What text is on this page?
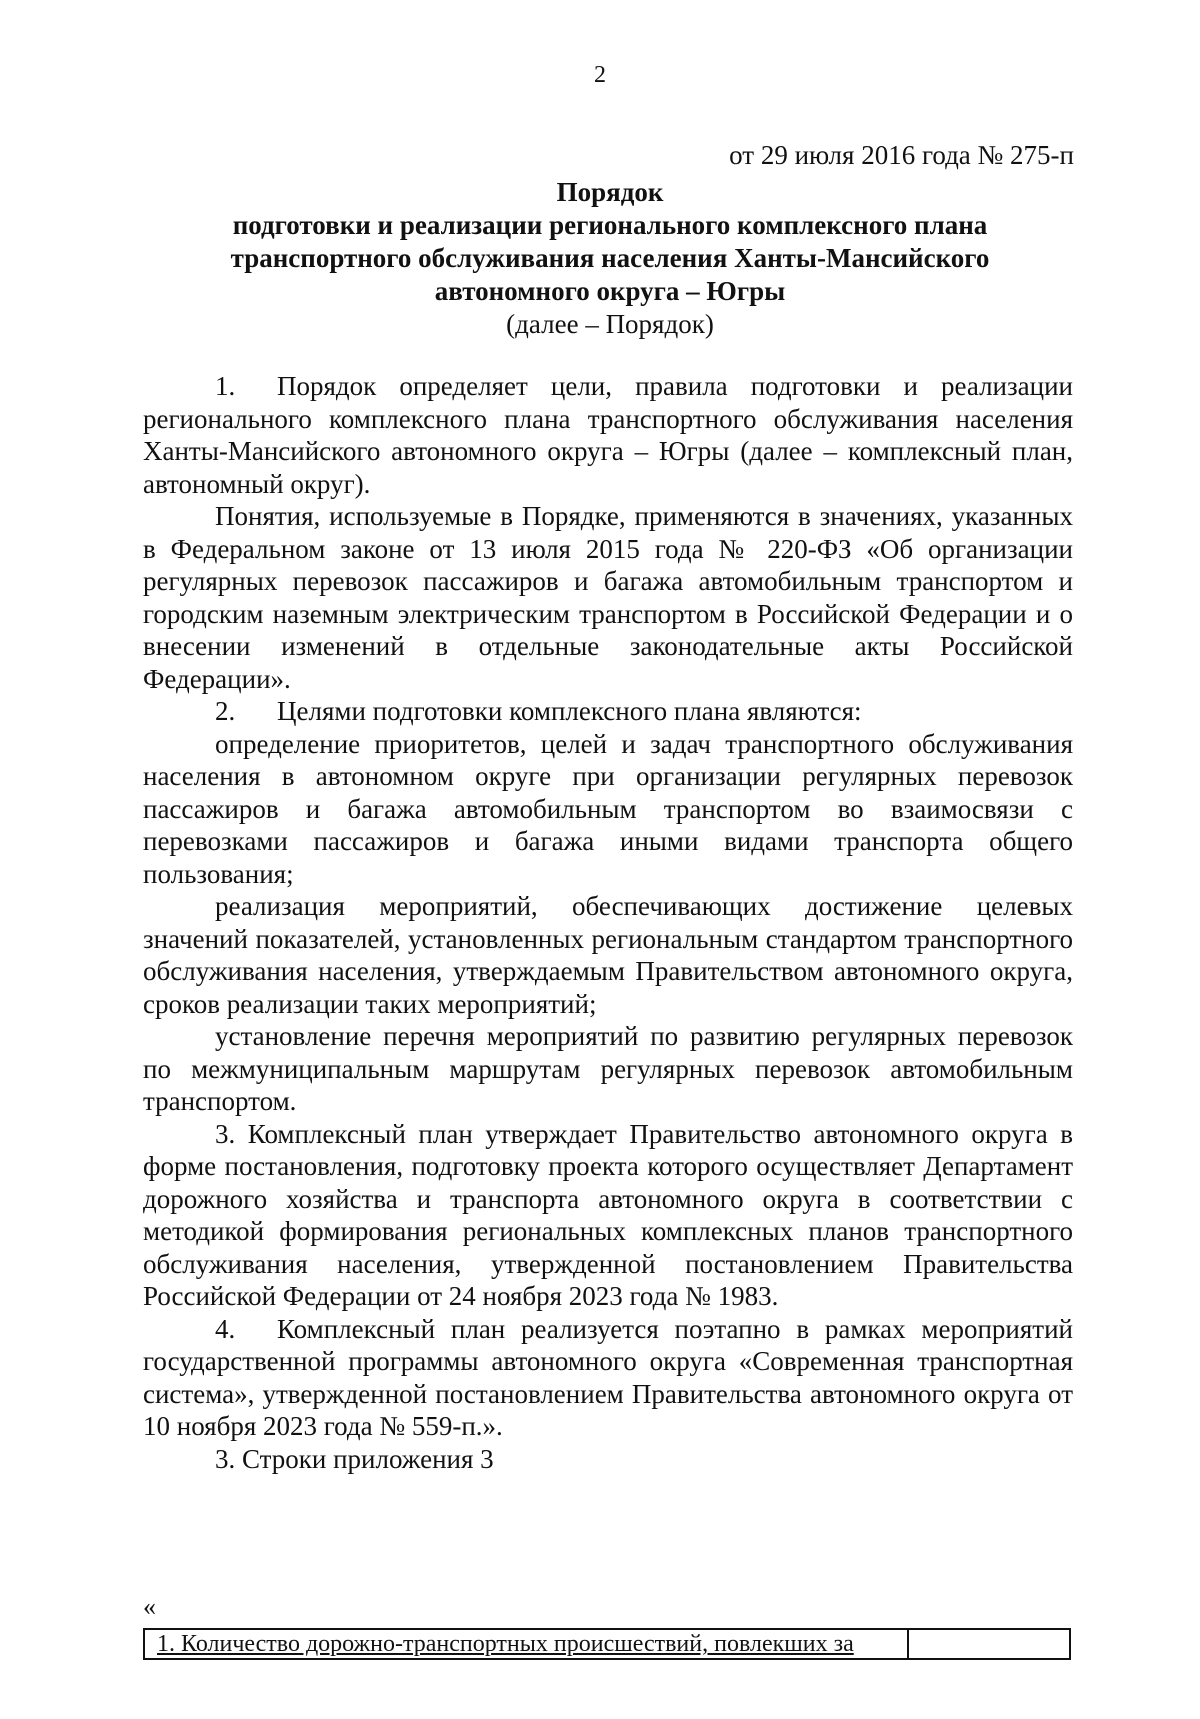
2
от 29 июля 2016 года № 275-п
Порядок
подготовки и реализации регионального комплексного плана
транспортного обслуживания населения Ханты-Мансийского
автономного округа – Югры
(далее – Порядок)

1. Порядок определяет цели, правила подготовки и реализации регионального комплексного плана транспортного обслуживания населения Ханты-Мансийского автономного округа – Югры (далее – комплексный план, автономный округ).

Понятия, используемые в Порядке, применяются в значениях, указанных в Федеральном законе от 13 июля 2015 года № 220-ФЗ «Об организации регулярных перевозок пассажиров и багажа автомобильным транспортом и городским наземным электрическим транспортом в Российской Федерации и о внесении изменений в отдельные законодательные акты Российской Федерации».

2. Целями подготовки комплексного плана являются:

определение приоритетов, целей и задач транспортного обслуживания населения в автономном округе при организации регулярных перевозок пассажиров и багажа автомобильным транспортом во взаимосвязи с перевозками пассажиров и багажа иными видами транспорта общего пользования;

реализация мероприятий, обеспечивающих достижение целевых значений показателей, установленных региональным стандартом транспортного обслуживания населения, утверждаемым Правительством автономного округа, сроков реализации таких мероприятий;

установление перечня мероприятий по развитию регулярных перевозок по межмуниципальным маршрутам регулярных перевозок автомобильным транспортом.

3. Комплексный план утверждает Правительство автономного округа в форме постановления, подготовку проекта которого осуществляет Департамент дорожного хозяйства и транспорта автономного округа в соответствии с методикой формирования региональных комплексных планов транспортного обслуживания населения, утвержденной постановлением Правительства Российской Федерации от 24 ноября 2023 года № 1983.

4. Комплексный план реализуется поэтапно в рамках мероприятий государственной программы автономного округа «Современная транспортная система», утвержденной постановлением Правительства автономного округа от 10 ноября 2023 года № 559-п.».

3. Строки приложения 3

«
1. Количество дорожно-транспортных происшествий, повлекших за
